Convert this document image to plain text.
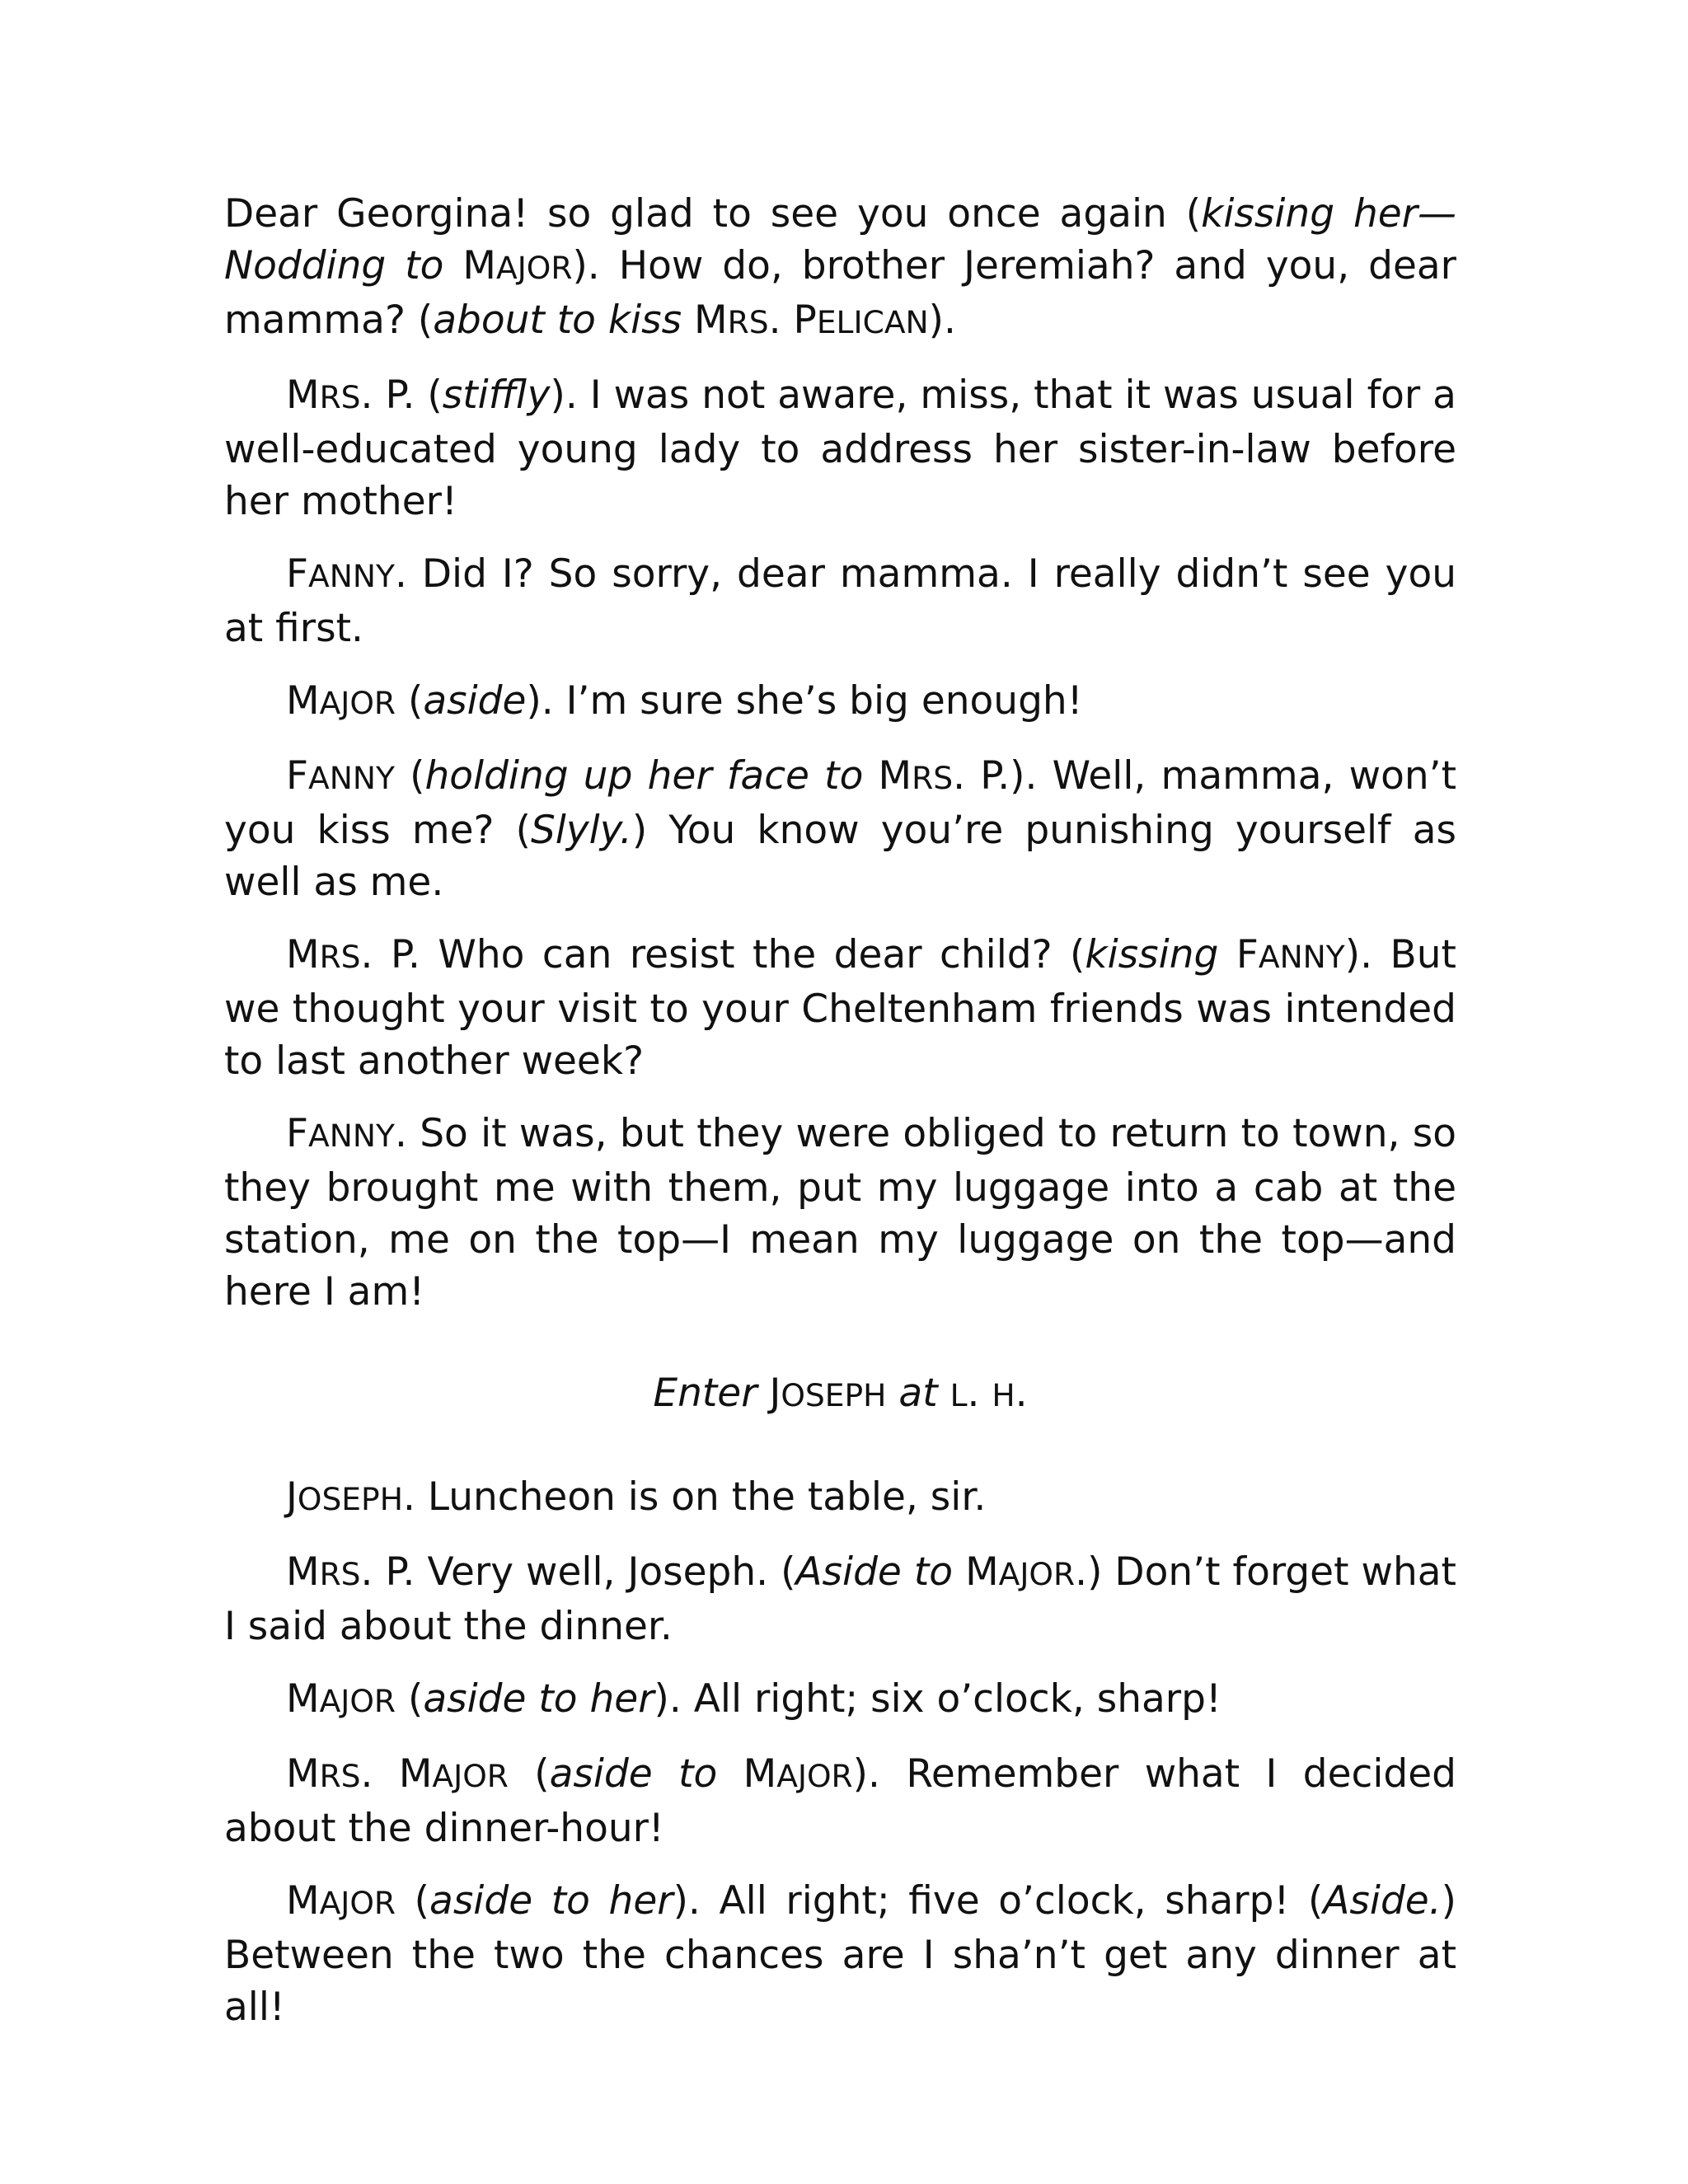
Dear Georgina! so glad to see you once again (kissing her—Nodding to MAJOR). How do, brother Jeremiah? and you, dear mamma? (about to kiss MRS. PELICAN).

MRS. P. (stiffly). I was not aware, miss, that it was usual for a well-educated young lady to address her sister-in-law before her mother!

FANNY. Did I? So sorry, dear mamma. I really didn’t see you at first.

MAJOR (aside). I’m sure she’s big enough!

FANNY (holding up her face to MRS. P.). Well, mamma, won’t you kiss me? (Slyly.) You know you’re punishing yourself as well as me.

MRS. P. Who can resist the dear child? (kissing FANNY). But we thought your visit to your Cheltenham friends was intended to last another week?

FANNY. So it was, but they were obliged to return to town, so they brought me with them, put my luggage into a cab at the station, me on the top—I mean my luggage on the top—and here I am!

Enter JOSEPH at L. H.

JOSEPH. Luncheon is on the table, sir.

MRS. P. Very well, Joseph. (Aside to MAJOR.) Don’t forget what I said about the dinner.

MAJOR (aside to her). All right; six o’clock, sharp!

MRS. MAJOR (aside to MAJOR). Remember what I decided about the dinner-hour!

MAJOR (aside to her). All right; five o’clock, sharp! (Aside.) Between the two the chances are I sha’n’t get any dinner at all!
